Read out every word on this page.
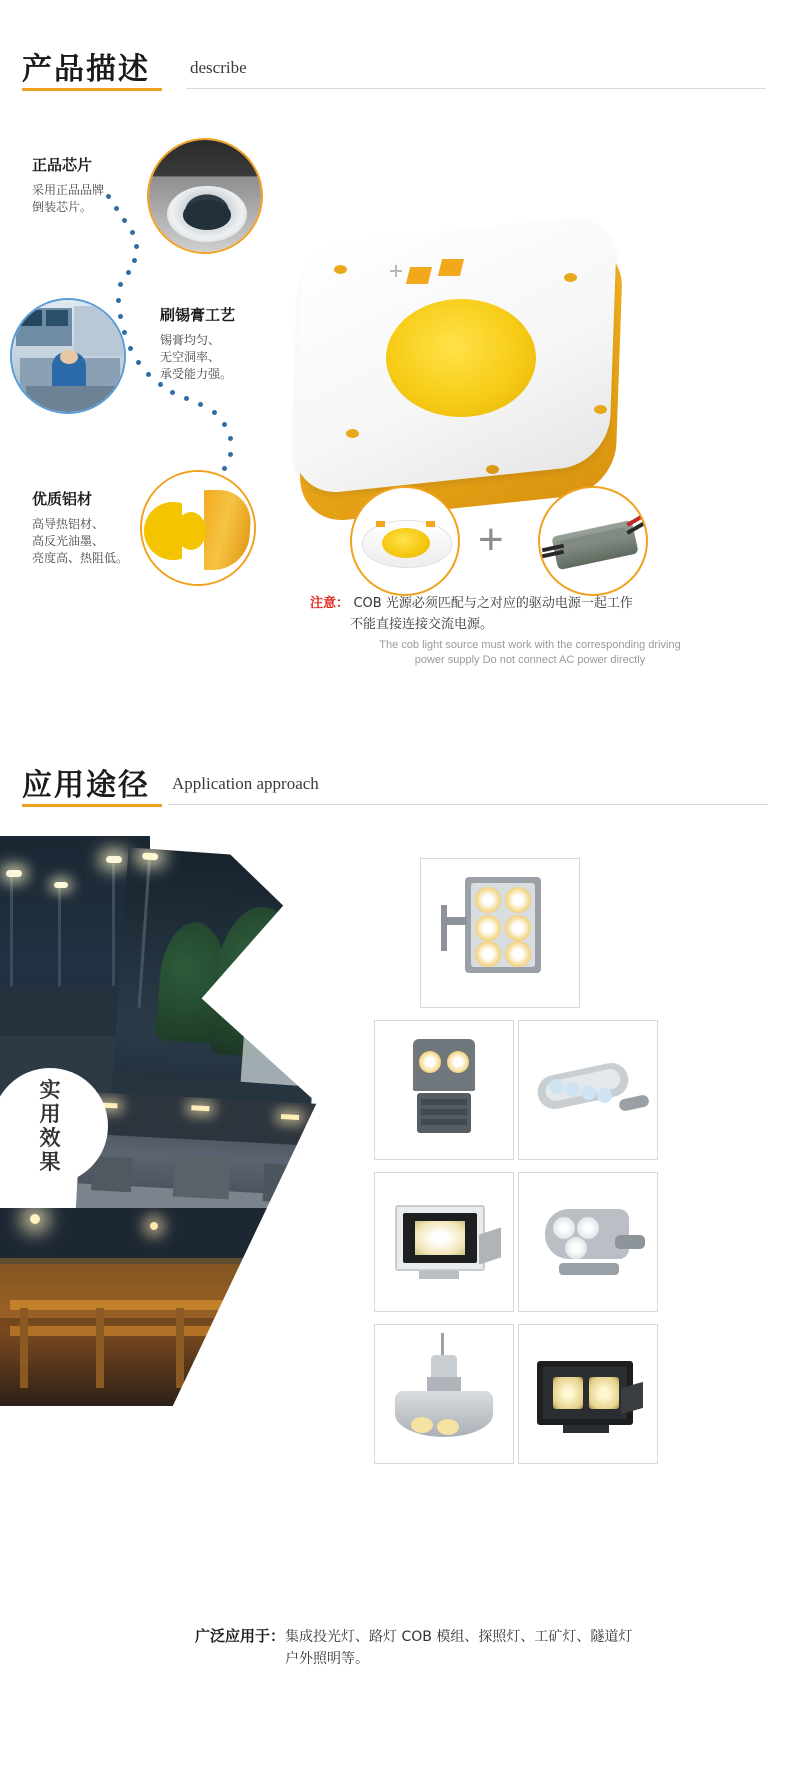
产品描述 describe
正品芯片
采用正品品牌
倒装芯片。
刷锡膏工艺
锡膏均匀、
无空洞率、
承受能力强。
优质铝材
高导热铝材、
高反光油墨、
亮度高、热阻低。	+
注意： COB 光源必须匹配与之对应的驱动电源一起工作
不能直接连接交流电源。
The cob light source must work with the corresponding driving
power supply Do not connect AC power directly
应用途径 Application approach
实
用
效
果
广泛应用于：集成投光灯、路灯 COB 模组、探照灯、工矿灯、隧道灯
户外照明等。
